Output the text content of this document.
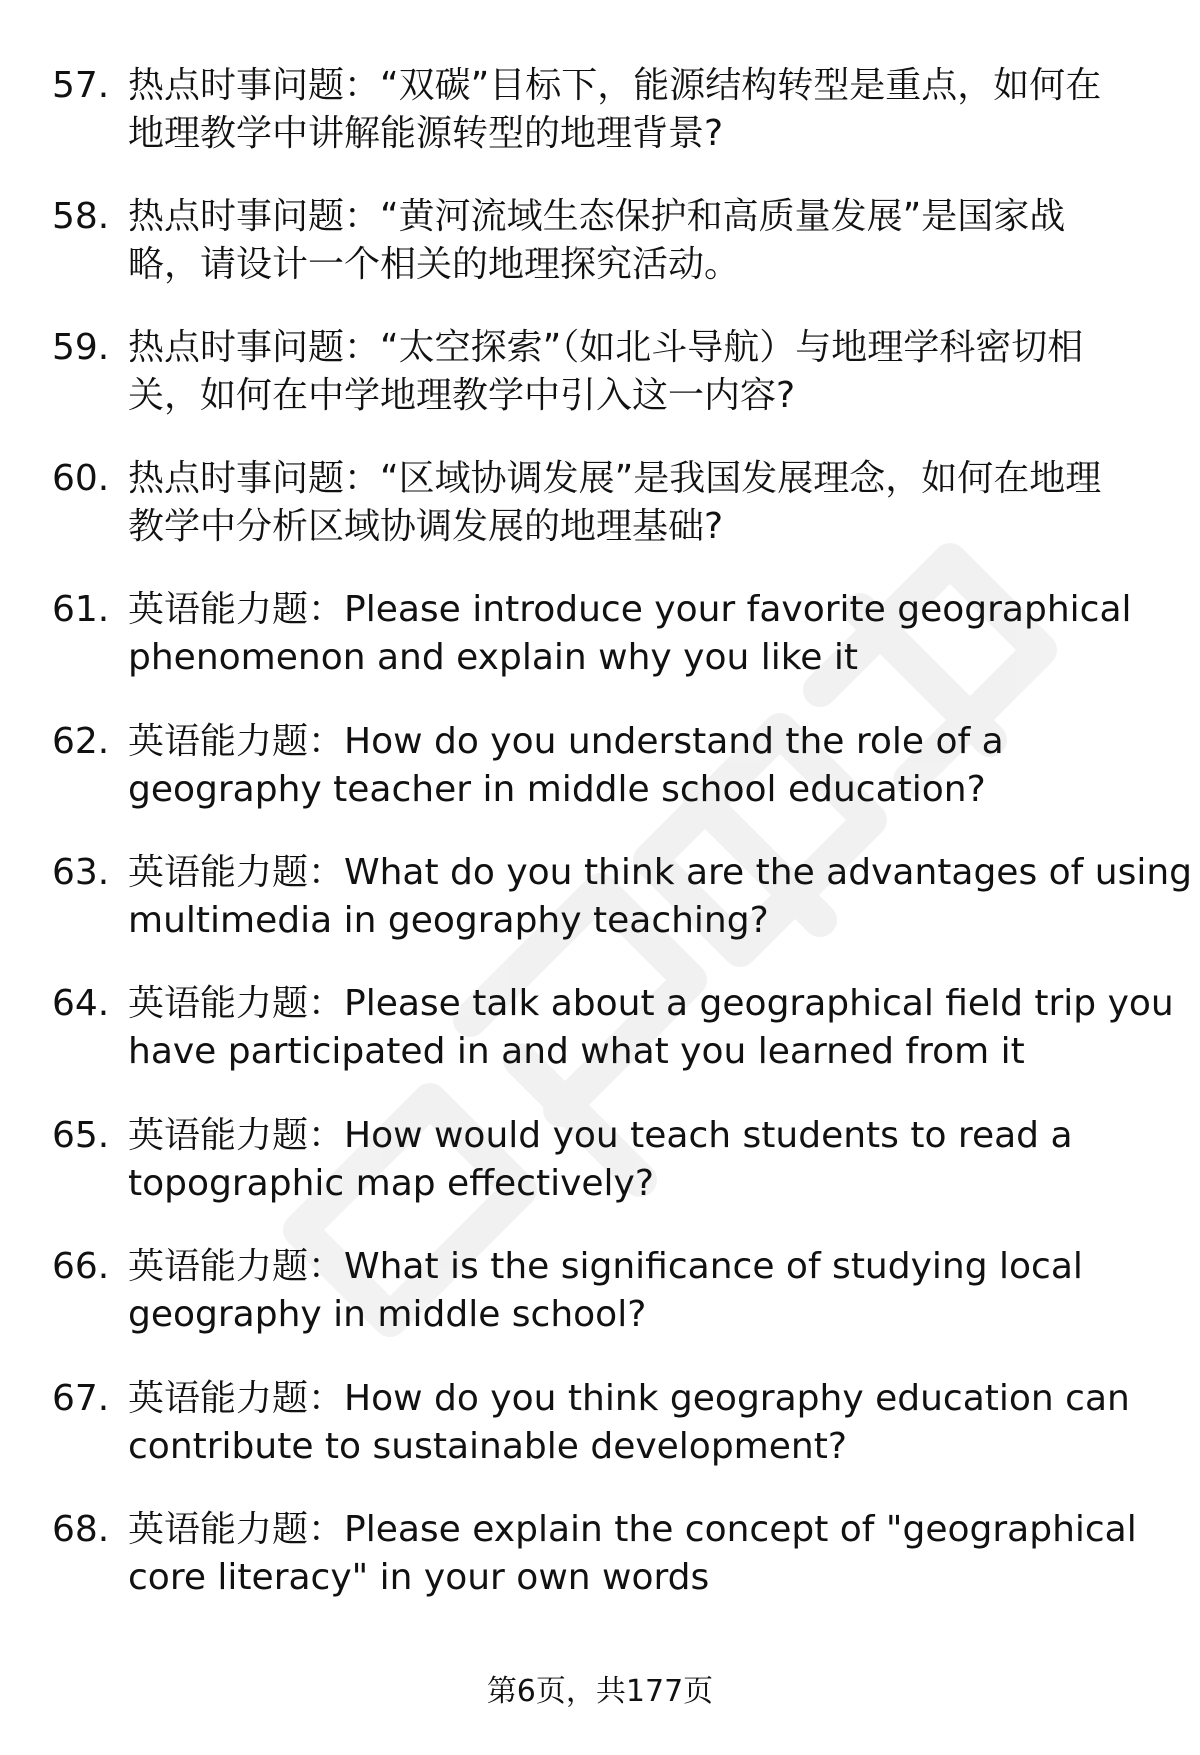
57. 热点时事问题：“双碳”目标下，能源结构转型是重点，如何在
地理教学中讲解能源转型的地理背景?
58. 热点时事问题：“黄河流域生态保护和高质量发展”是国家战
略，请设计一个相关的地理探究活动。
59. 热点时事问题：“太空探索”（如北斗导航）与地理学科密切相
关，如何在中学地理教学中引入这一内容?
60. 热点时事问题：“区域协调发展”是我国发展理念，如何在地理
教学中分析区域协调发展的地理基础?
61. 英语能力题：Please introduce your favorite geographical
phenomenon and explain why you like it
62. 英语能力题：How do you understand the role of a
geography teacher in middle school education?
63. 英语能力题：What do you think are the advantages of using
multimedia in geography teaching?
64. 英语能力题：Please talk about a geographical field trip you
have participated in and what you learned from it
65. 英语能力题：How would you teach students to read a
topographic map effectively?
66. 英语能力题：What is the significance of studying local
geography in middle school?
67. 英语能力题：How do you think geography education can
contribute to sustainable development?
68. 英语能力题：Please explain the concept of "geographical
core literacy" in your own words
第6页，共177页
